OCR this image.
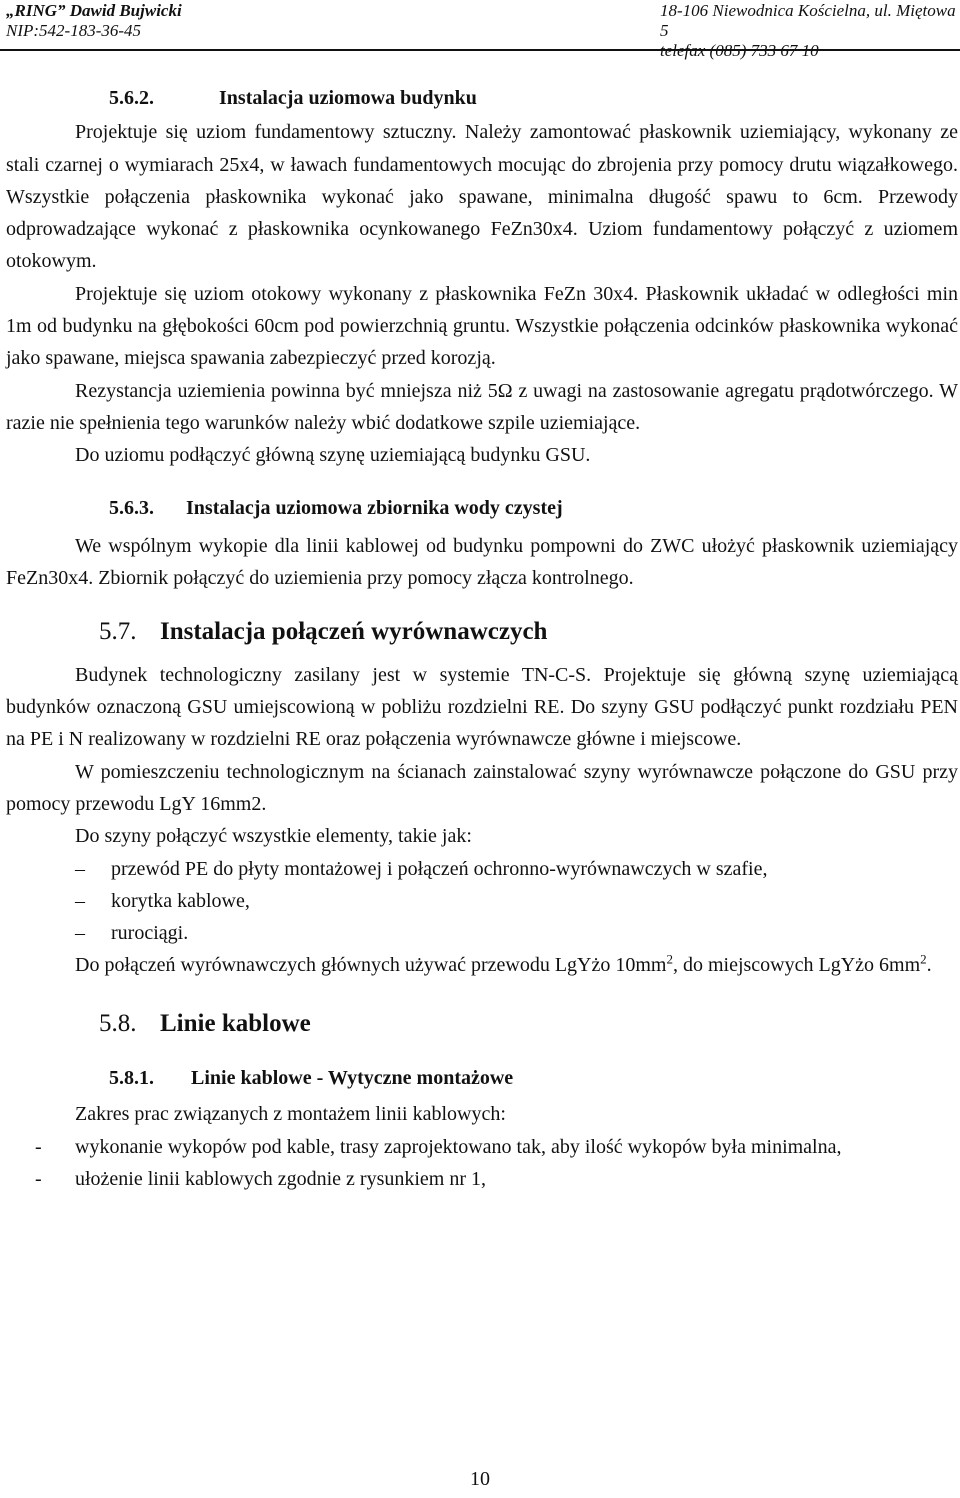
„RING” Dawid Bujwicki
NIP:542-183-36-45
18-106 Niewodnica Kościelna, ul. Miętowa 5
5.6.2.	Instalacja uziomowa budynku

Projektuje się uziom fundamentowy sztuczny. Należy zamontować płaskownik uziemiający, wykonany ze stali czarnej o wymiarach 25x4, w ławach fundamentowych mocując do zbrojenia przy pomocy drutu wiązałkowego. Wszystkie połączenia płaskownika wykonać jako spawane, minimalna długość spawu to 6cm. Przewody odprowadzające wykonać z płaskownika ocynkowanego FeZn30x4. Uziom fundamentowy połączyć z uziomem otokowym.

Projektuje się uziom otokowy wykonany z płaskownika FeZn 30x4. Płaskownik układać w odległości min 1m od budynku na głębokości 60cm pod powierzchnią gruntu. Wszystkie połączenia odcinków płaskownika wykonać jako spawane, miejsca spawania zabezpieczyć przed korozją.

Rezystancja uziemienia powinna być mniejsza niż 5Ω z uwagi na zastosowanie agregatu prądotwórczego. W razie nie spełnienia tego warunków należy wbić dodatkowe szpile uziemiające.

Do uziomu podłączyć główną szynę uziemiającą budynku GSU.

5.6.3. Instalacja uziomowa zbiornika wody czystej

We wspólnym wykopie dla linii kablowej od budynku pompowni do ZWC ułożyć płaskownik uziemiający FeZn30x4. Zbiornik połączyć do uziemienia przy pomocy złącza kontrolnego.

5.7. Instalacja połączeń wyrównawczych

Budynek technologiczny zasilany jest w systemie TN-C-S. Projektuje się główną szynę uziemiającą budynków oznaczoną GSU umiejscowioną w pobliżu rozdzielni RE. Do szyny GSU podłączyć punkt rozdziału PEN na PE i N realizowany w rozdzielni RE oraz połączenia wyrównawcze główne i miejscowe.

W pomieszczeniu technologicznym na ścianach zainstalować szyny wyrównawcze połączone do GSU przy pomocy przewodu LgY 16mm2.

Do szyny połączyć wszystkie elementy, takie jak:

– przewód PE do płyty montażowej i połączeń ochronno-wyrównawczych w szafie,
– korytka kablowe,
– rurociągi.

Do połączeń wyrównawczych głównych używać przewodu LgYżo $10mm^2$, do miejscowych LgYżo $6mm^2$.

5.8. Linie kablowe
5.8.1. Linie kablowe - Wytyczne montażowe

Zakres prac związanych z montażem linii kablowych:

- wykonanie wykopów pod kable, trasy zaprojektowano tak, aby ilość wykopów była minimalna,
- ułożenie linii kablowych zgodnie z rysunkiem nr 1,
10
